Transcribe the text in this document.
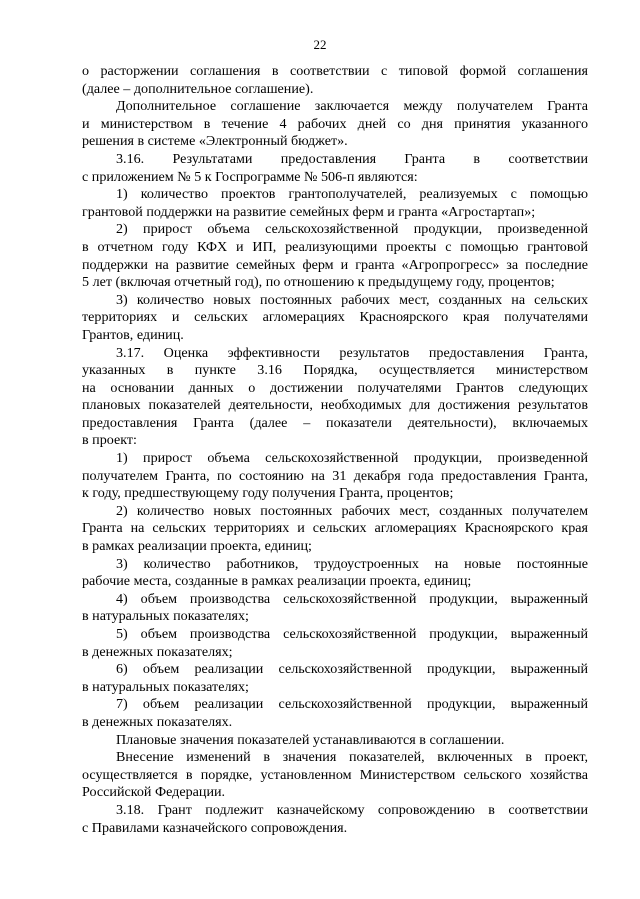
22
о расторжении соглашения в соответствии с типовой формой соглашения
(далее – дополнительное соглашение).
Дополнительное соглашение заключается между получателем Гранта
и министерством в течение 4 рабочих дней со дня принятия указанного
решения в системе «Электронный бюджет».
3.16. Результатами предоставления Гранта в соответствии
с приложением № 5 к Госпрограмме № 506-п являются:
1) количество проектов грантополучателей, реализуемых с помощью
грантовой поддержки на развитие семейных ферм и гранта «Агростартап»;
2) прирост объема сельскохозяйственной продукции, произведенной
в отчетном году КФХ и ИП, реализующими проекты с помощью грантовой
поддержки на развитие семейных ферм и гранта «Агропрогресс» за последние
5 лет (включая отчетный год), по отношению к предыдущему году, процентов;
3) количество новых постоянных рабочих мест, созданных на сельских
территориях и сельских агломерациях Красноярского края получателями
Грантов, единиц.
3.17. Оценка эффективности результатов предоставления Гранта,
указанных в пункте 3.16 Порядка, осуществляется министерством
на основании данных о достижении получателями Грантов следующих
плановых показателей деятельности, необходимых для достижения результатов
предоставления Гранта (далее – показатели деятельности), включаемых
в проект:
1) прирост объема сельскохозяйственной продукции, произведенной
получателем Гранта, по состоянию на 31 декабря года предоставления Гранта,
к году, предшествующему году получения Гранта, процентов;
2) количество новых постоянных рабочих мест, созданных получателем
Гранта на сельских территориях и сельских агломерациях Красноярского края
в рамках реализации проекта, единиц;
3) количество работников, трудоустроенных на новые постоянные
рабочие места, созданные в рамках реализации проекта, единиц;
4) объем производства сельскохозяйственной продукции, выраженный
в натуральных показателях;
5) объем производства сельскохозяйственной продукции, выраженный
в денежных показателях;
6) объем реализации сельскохозяйственной продукции, выраженный
в натуральных показателях;
7) объем реализации сельскохозяйственной продукции, выраженный
в денежных показателях.
Плановые значения показателей устанавливаются в соглашении.
Внесение изменений в значения показателей, включенных в проект,
осуществляется в порядке, установленном Министерством сельского хозяйства
Российской Федерации.
3.18. Грант подлежит казначейскому сопровождению в соответствии
с Правилами казначейского сопровождения.
